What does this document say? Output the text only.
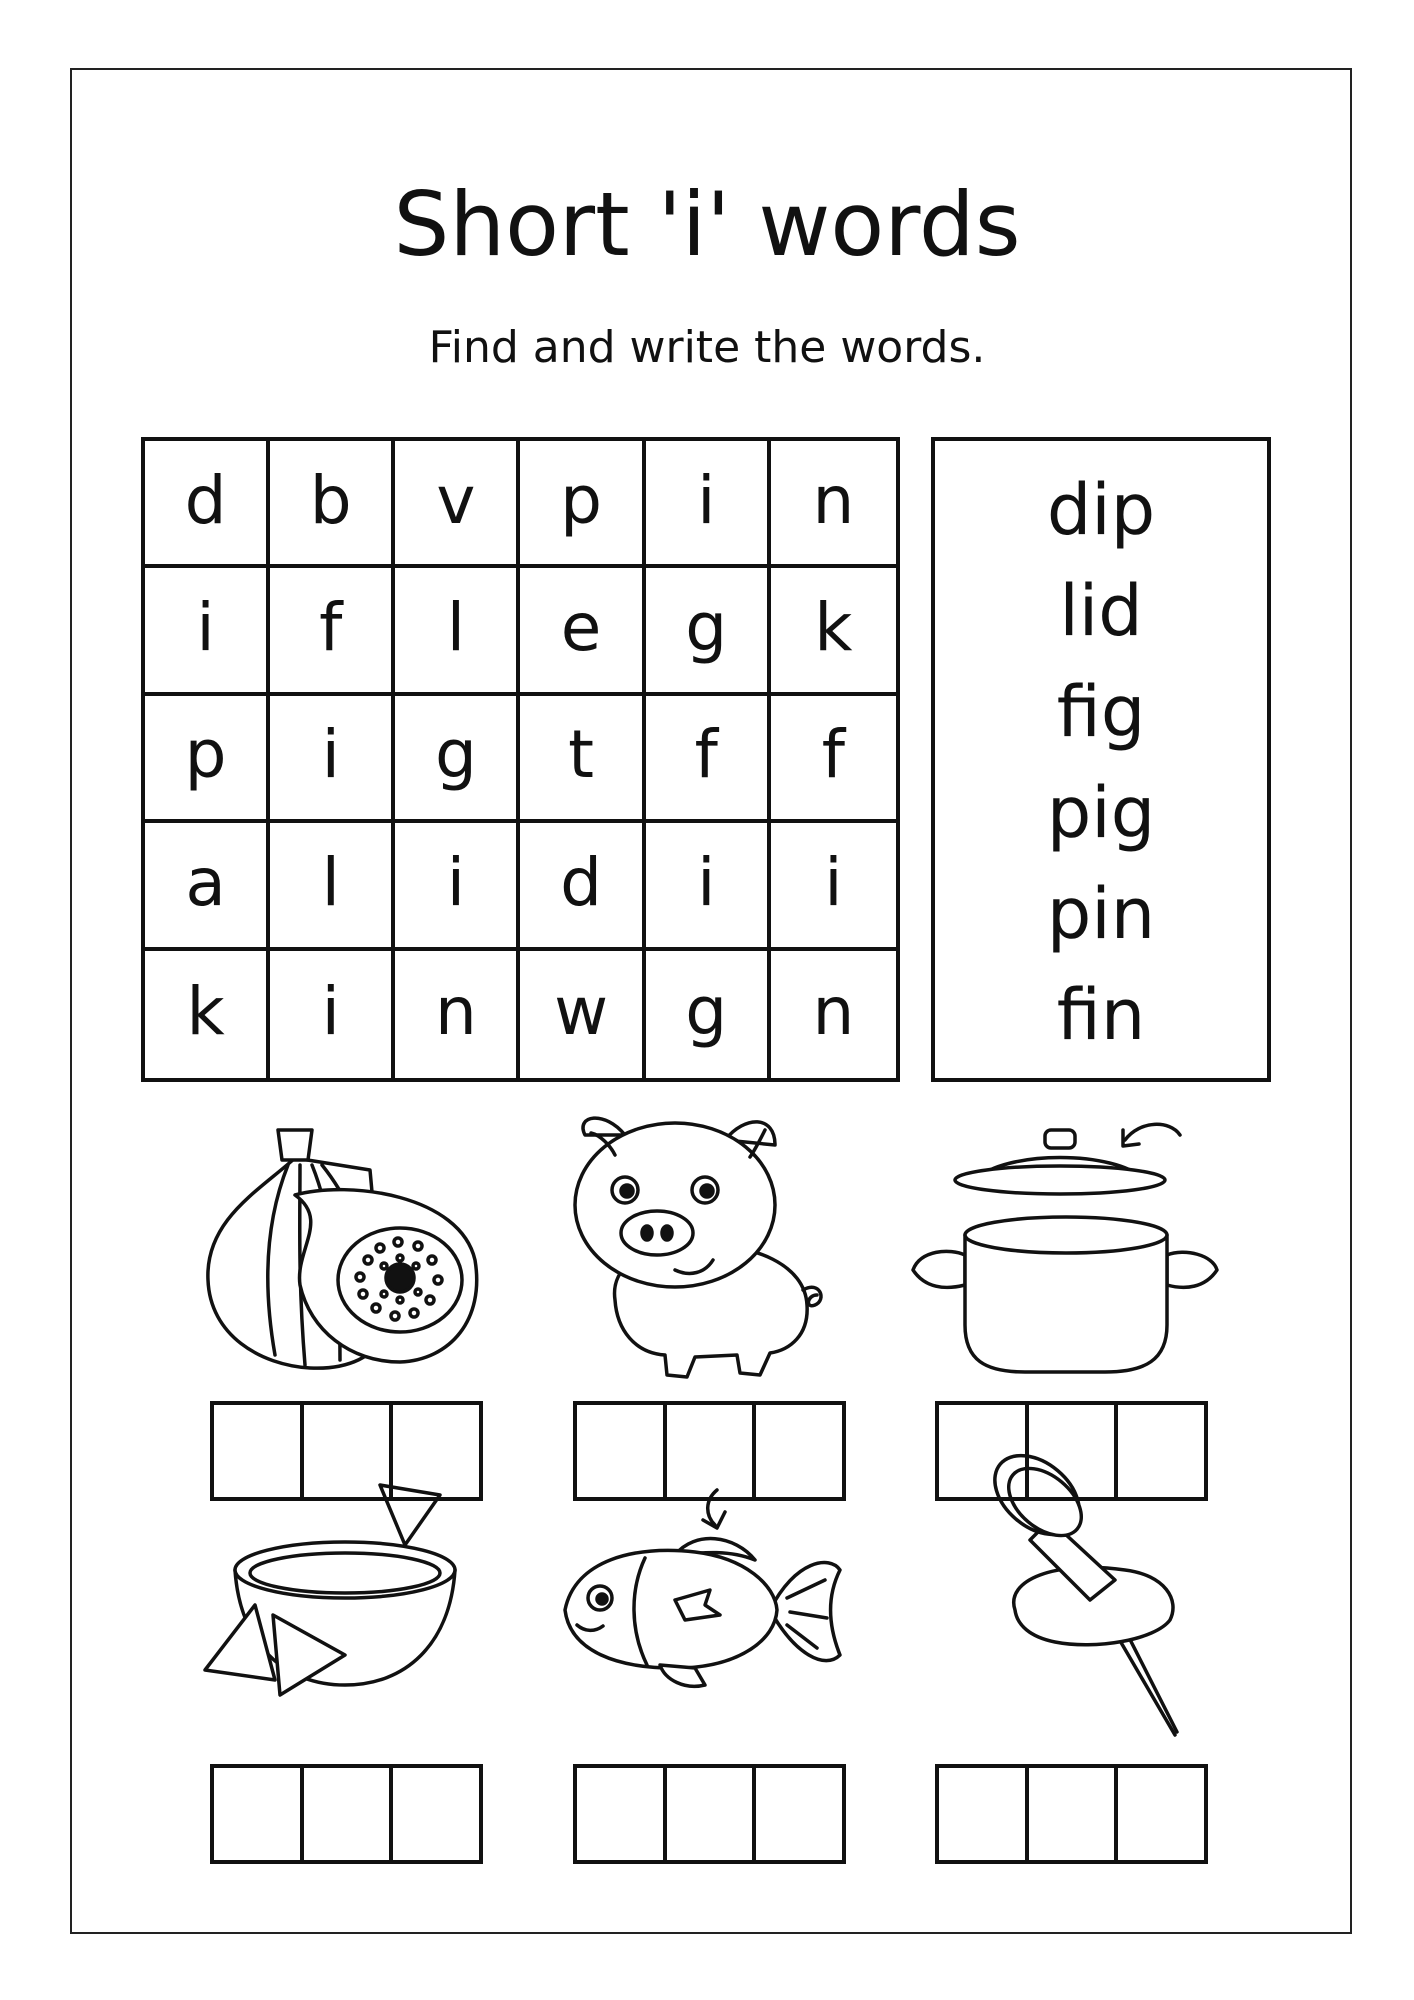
Short 'i' words
Find and write the words.
d	b	v	p	i	n
i	f	l	e	g	k
p	i	g	t	f	f
a	l	i	d	i	i
k	i	n	w	g	n
dip
lid
fig
pig
pin
fin
